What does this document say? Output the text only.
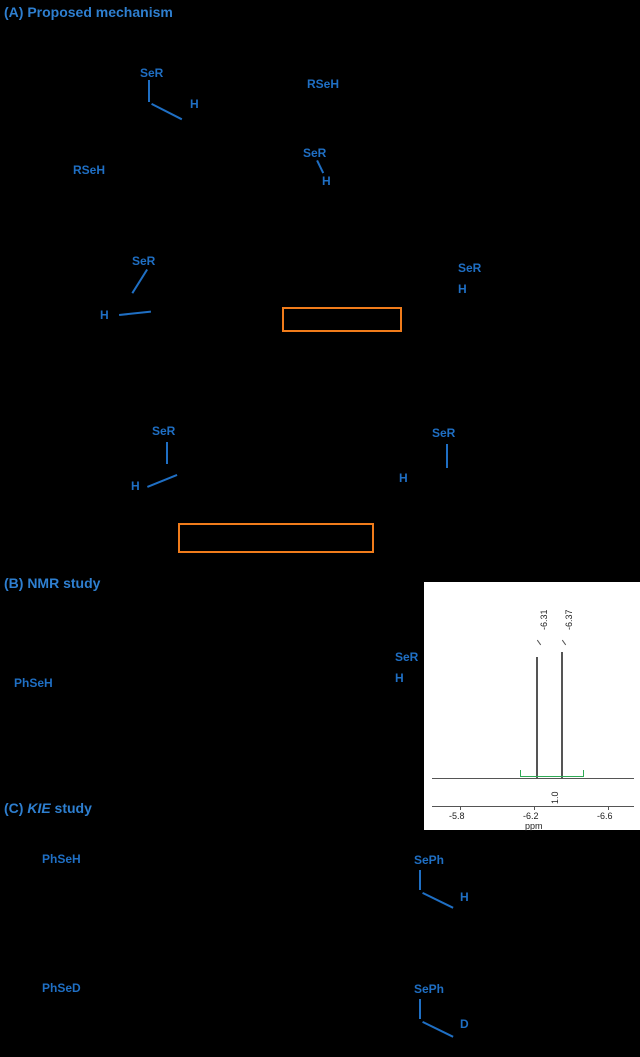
(A) Proposed mechanism
SeR
H
RSeH
SeR
H
RSeH
SeR
H
SeR
H
SeR
H
SeR
H
(B) NMR study
PhSeH
SeR
H
-6.31 -6.37
1.0
-5.8	-6.2	-6.6
ppm
(C) KIE study
PhSeH	SePh
H
PhSeD	SePh
D
